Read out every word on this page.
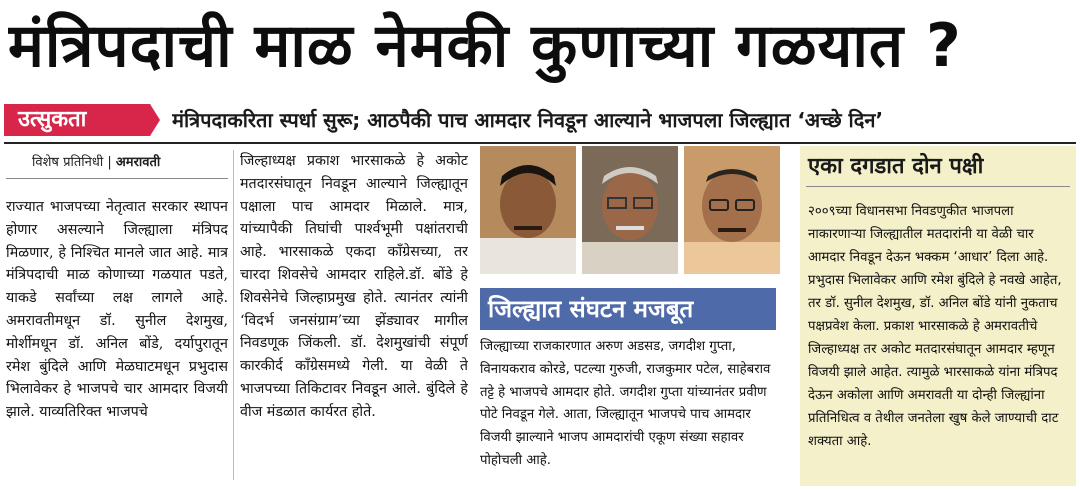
मंत्रिपदाची माळ नेमकी कुणाच्या गळयात ?
उत्सुकता	मंत्रिपदाकरिता स्पर्धा सुरू; आठपैकी पाच आमदार निवडून आल्याने भाजपला जिल्ह्यात ‘अच्छे दिन’
विशेष प्रतिनिधी | अमरावती
राज्यात भाजपच्या नेतृत्वात सरकार स्थापन होणार असल्याने जिल्ह्याला मंत्रिपद मिळणार, हे निश्चित मानले जात आहे. मात्र मंत्रिपदाची माळ कोणाच्या गळयात पडते, याकडे सर्वांच्या लक्ष लागले आहे. अमरावतीमधून डॉ. सुनील देशमुख, मोर्शीमधून डॉ. अनिल बोंडे, दर्यापुरातून रमेश बुंदिले आणि मेळघाटमधून प्रभुदास भिलावेकर हे भाजपचे चार आमदार विजयी झाले. याव्यतिरिक्त भाजपचे
जिल्हाध्यक्ष प्रकाश भारसाकळे हे अकोट मतदारसंघातून निवडून आल्याने जिल्ह्यातून पक्षाला पाच आमदार मिळाले. मात्र, यांच्यापैकी तिघांची पार्श्वभूमी पक्षांतराची आहे. भारसाकळे एकदा कॉंग्रेसच्या, तर चारदा शिवसेचे आमदार राहिले.डॉ. बोंडे हे शिवसेनेचे जिल्हाप्रमुख होते. त्यानंतर त्यांनी ‘विदर्भ जनसंग्राम’च्या झेंड्यावर मागील निवडणूक जिंकली. डॉ. देशमुखांची संपूर्ण कारकीर्द कॉंग्रेसमध्ये गेली. या वेळी ते भाजपच्या तिकिटावर निवडून आले. बुंदिले हे वीज मंडळात कार्यरत होते.
जिल्ह्यात संघटन मजबूत
जिल्ह्याच्या राजकारणात अरुण अडसड, जगदीश गुप्ता, विनायकराव कोरडे, पटल्या गुरुजी, राजकुमार पटेल, साहेबराव तट्टे हे भाजपचे आमदार होते. जगदीश गुप्ता यांच्यानंतर प्रवीण पोटे निवडून गेले. आता, जिल्ह्यातून भाजपचे पाच आमदार विजयी झाल्याने भाजप आमदारांची एकूण संख्या सहावर पोहोचली आहे.
एका दगडात दोन पक्षी
२००९च्या विधानसभा निवडणुकीत भाजपला नाकारणाऱ्या जिल्ह्यातील मतदारांनी या वेळी चार आमदार निवडून देऊन भक्कम ‘आधार’ दिला आहे. प्रभुदास भिलावेकर आणि रमेश बुंदिले हे नवखे आहेत, तर डॉ. सुनील देशमुख, डॉ. अनिल बोंडे यांनी नुकताच पक्षप्रवेश केला. प्रकाश भारसाकळे हे अमरावतीचे जिल्हाध्यक्ष तर अकोट मतदारसंघातून आमदार म्हणून विजयी झाले आहेत. त्यामुळे भारसाकळे यांना मंत्रिपद देऊन अकोला आणि अमरावती या दोन्ही जिल्ह्यांना प्रतिनिधित्व व तेथील जनतेला खुष केले जाण्याची दाट शक्यता आहे.
